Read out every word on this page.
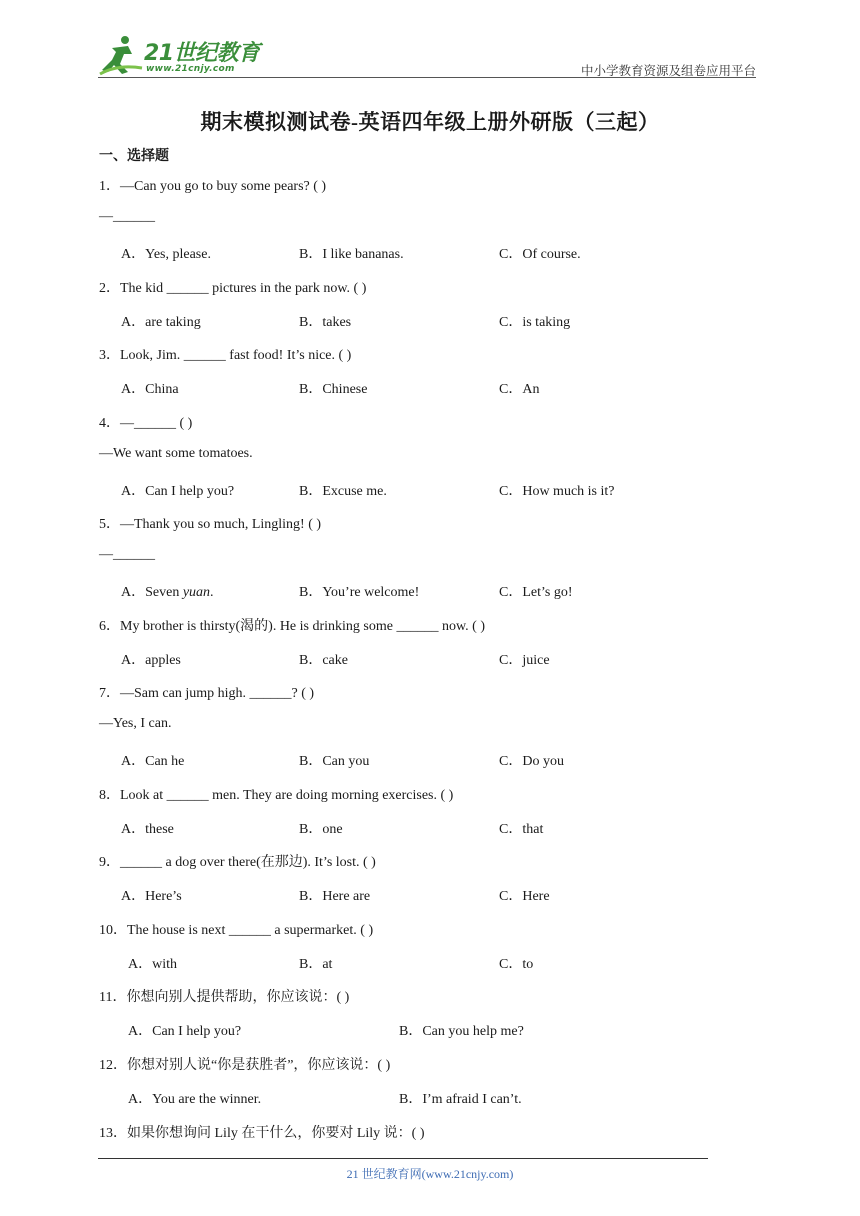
21世纪教育
www.21cnjy.com	中小学教育资源及组卷应用平台
期末模拟测试卷-英语四年级上册外研版（三起）
一、选择题
1．—Can you go to buy some pears? ( )
—______
A．Yes, please.	B．I like bananas.	C．Of course.
2．The kid ______ pictures in the park now. ( )
A．are taking	B．takes	C．is taking
3．Look, Jim. ______ fast food! It’s nice. ( )
A．China	B．Chinese	C．An
4．—______ ( )
—We want some tomatoes.
A．Can I help you?	B．Excuse me.	C．How much is it?
5．—Thank you so much, Lingling! ( )
—______
A．Seven yuan.	B．You’re welcome!	C．Let’s go!
6．My brother is thirsty(渴的). He is drinking some ______ now. ( )
A．apples	B．cake	C．juice
7．—Sam can jump high. ______? ( )
—Yes, I can.
A．Can he	B．Can you	C．Do you
8．Look at ______ men. They are doing morning exercises. ( )
A．these	B．one	C．that
9．______ a dog over there(在那边). It’s lost. ( )
A．Here’s	B．Here are	C．Here
10．The house is next ______ a supermarket. ( )
A．with	B．at	C．to
11．你想向别人提供帮助，你应该说：( )
A．Can I help you?	B．Can you help me?
12．你想对别人说“你是获胜者”，你应该说：( )
A．You are the winner.	B．I’m afraid I can’t.
13．如果你想询问 Lily 在干什么，你要对 Lily 说：( )
21 世纪教育网(www.21cnjy.com)
